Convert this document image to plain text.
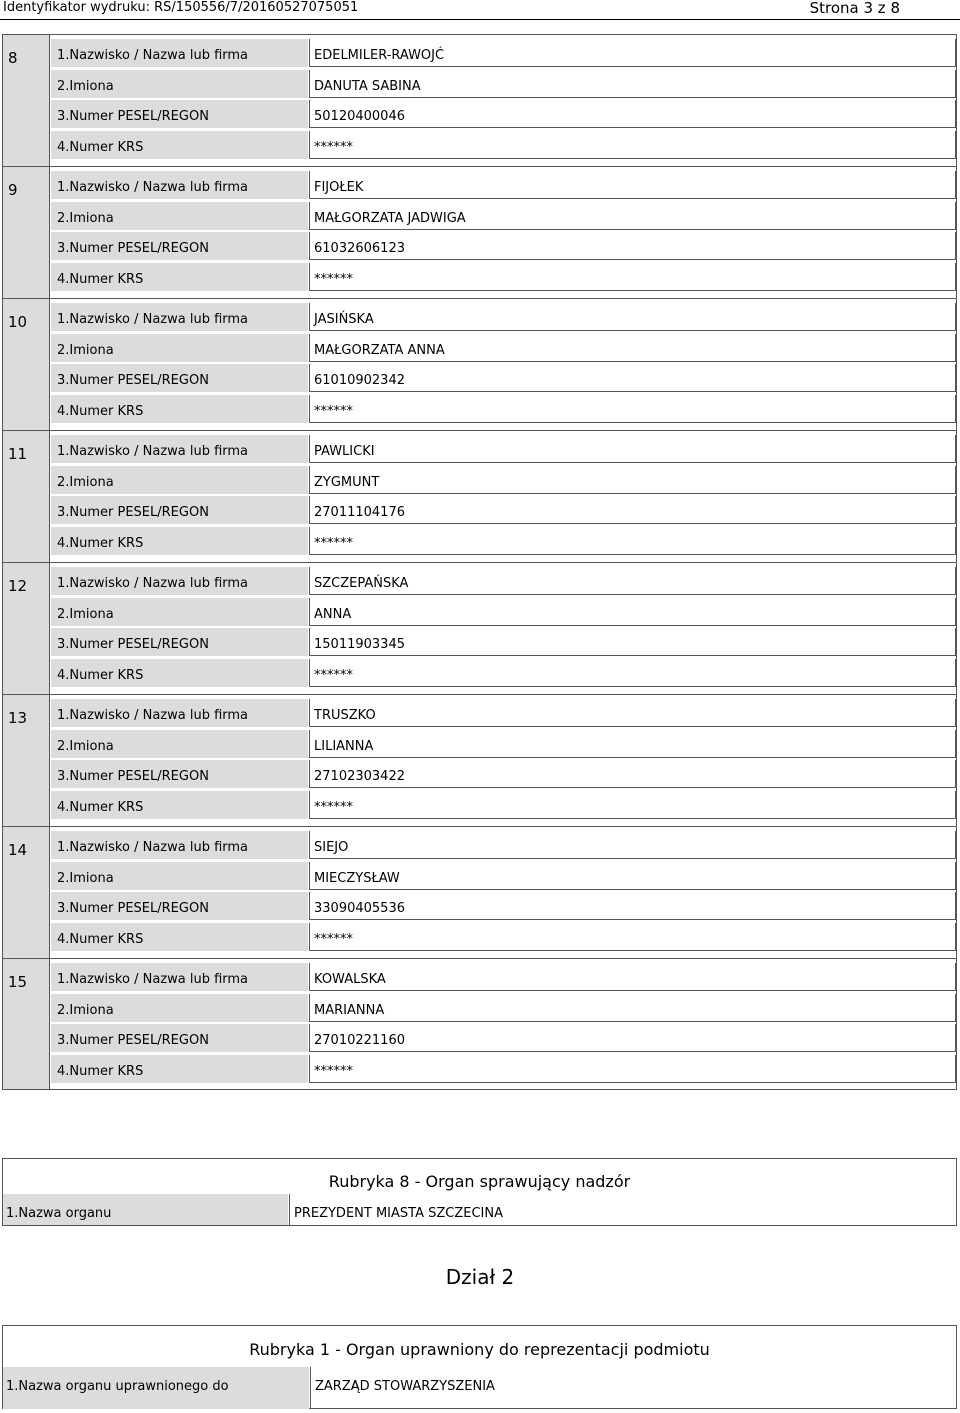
Identyfikator wydruku: RS/150556/7/20160527075051	Strona 3 z 8
8	1.Nazwisko / Nazwa lub firma	EDELMILER-RAWOJĆ
2.Imiona	DANUTA SABINA
3.Numer PESEL/REGON	50120400046
4.Numer KRS	******
9	1.Nazwisko / Nazwa lub firma	FIJOŁEK
2.Imiona	MAŁGORZATA JADWIGA
3.Numer PESEL/REGON	61032606123
4.Numer KRS	******
10	1.Nazwisko / Nazwa lub firma	JASIŃSKA
2.Imiona	MAŁGORZATA ANNA
3.Numer PESEL/REGON	61010902342
4.Numer KRS	******
11	1.Nazwisko / Nazwa lub firma	PAWLICKI
2.Imiona	ZYGMUNT
3.Numer PESEL/REGON	27011104176
4.Numer KRS	******
12	1.Nazwisko / Nazwa lub firma	SZCZEPAŃSKA
2.Imiona	ANNA
3.Numer PESEL/REGON	15011903345
4.Numer KRS	******
13	1.Nazwisko / Nazwa lub firma	TRUSZKO
2.Imiona	LILIANNA
3.Numer PESEL/REGON	27102303422
4.Numer KRS	******
14	1.Nazwisko / Nazwa lub firma	SIEJO
2.Imiona	MIECZYSŁAW
3.Numer PESEL/REGON	33090405536
4.Numer KRS	******
15	1.Nazwisko / Nazwa lub firma	KOWALSKA
2.Imiona	MARIANNA
3.Numer PESEL/REGON	27010221160
4.Numer KRS	******
Rubryka 8 - Organ sprawujący nadzór
1.Nazwa organu	PREZYDENT MIASTA SZCZECINA
Dział 2
Rubryka 1 - Organ uprawniony do reprezentacji podmiotu
1.Nazwa organu uprawnionego do	ZARZĄD STOWARZYSZENIA
